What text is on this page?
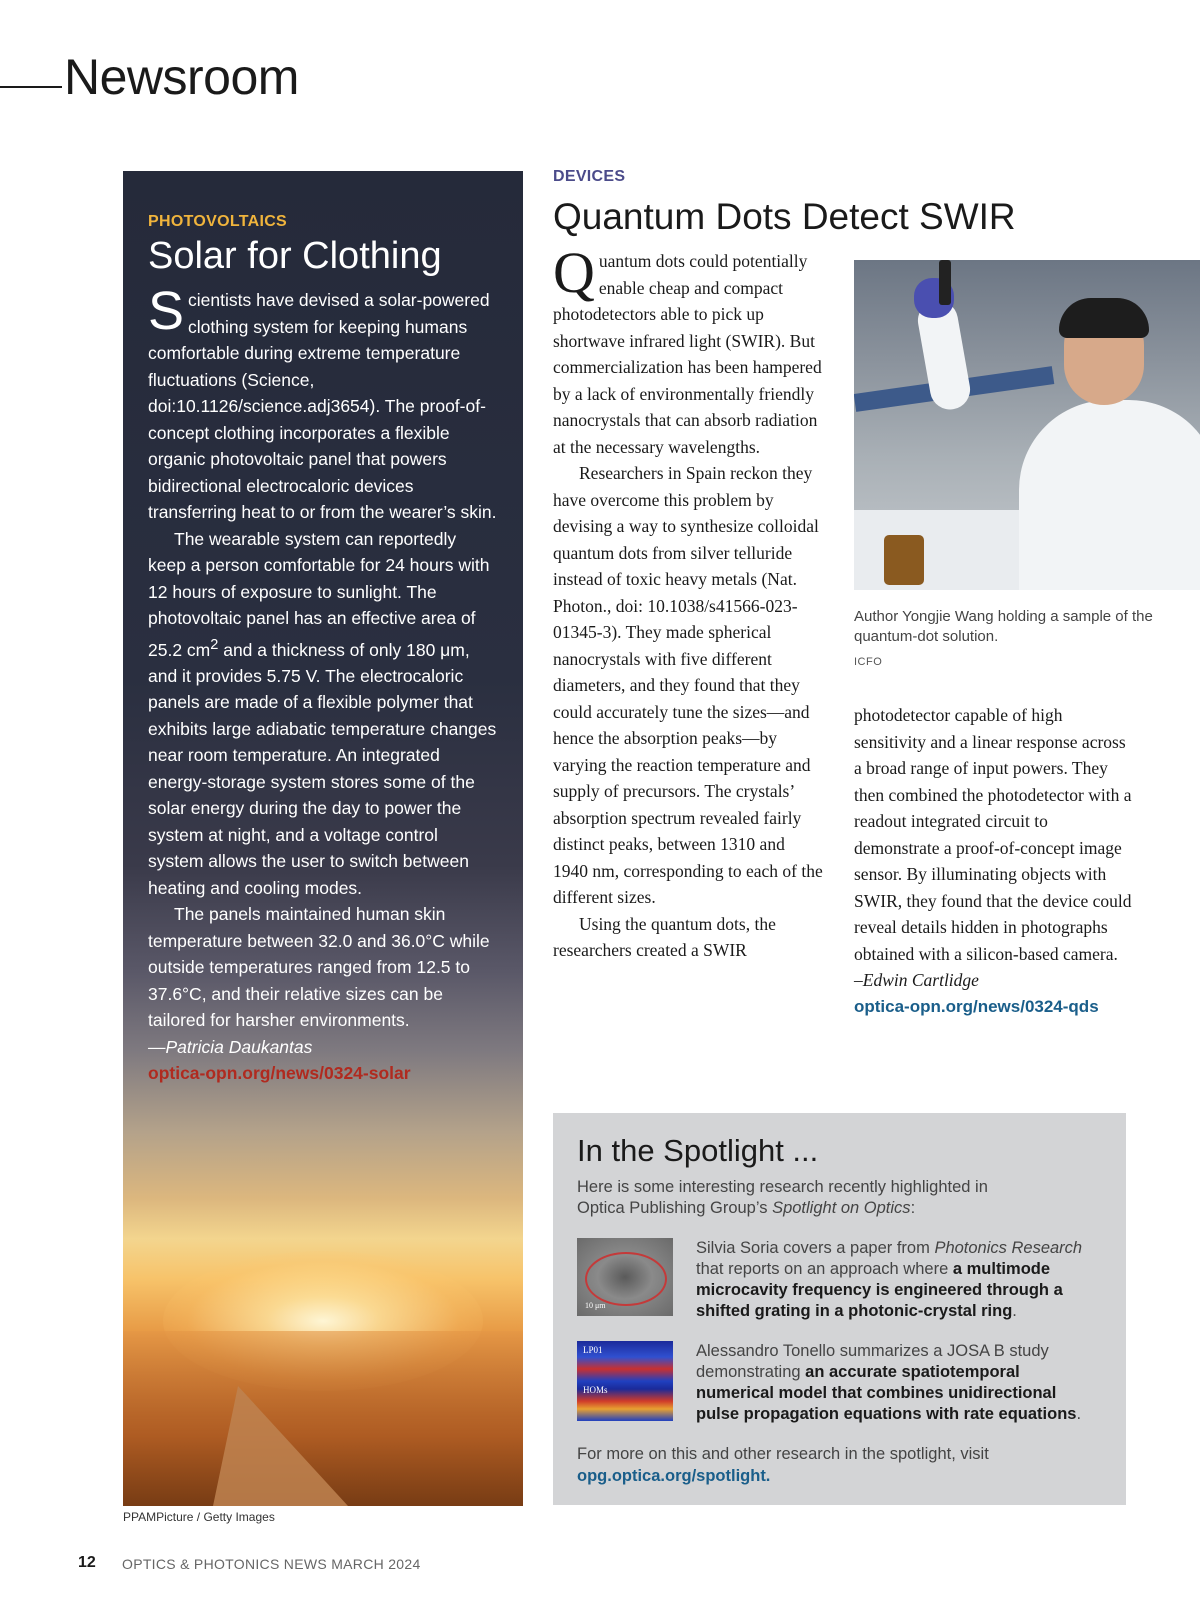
Newsroom
PHOTOVOLTAICS
Solar for Clothing

Scientists have devised a solar-powered clothing system for keeping humans comfortable during extreme temperature fluctuations (Science, doi:10.1126/science.adj3654). The proof-of-concept clothing incorporates a flexible organic photovoltaic panel that powers bidirectional electrocaloric devices transferring heat to or from the wearer’s skin.

The wearable system can reportedly keep a person comfortable for 24 hours with 12 hours of exposure to sunlight. The photovoltaic panel has an effective area of 25.2 $cm^2$ and a thickness of only 180 μm, and it provides 5.75 V. The electrocaloric panels are made of a flexible polymer that exhibits large adiabatic temperature changes near room temperature. An integrated energy-storage system stores some of the solar energy during the day to power the system at night, and a voltage control system allows the user to switch between heating and cooling modes.

The panels maintained human skin temperature between 32.0 and 36.0°C while outside temperatures ranged from 12.5 to 37.6°C, and their relative sizes can be tailored for harsher environments.

—Patricia Daukantas
optica-opn.org/news/0324-solar
PPAMPicture / Getty Images
DEVICES
Quantum Dots Detect SWIR

Quantum dots could potentially enable cheap and compact photodetectors able to pick up shortwave infrared light (SWIR). But commercialization has been hampered by a lack of environmentally friendly nanocrystals that can absorb radiation at the necessary wavelengths.

Researchers in Spain reckon they have overcome this problem by devising a way to synthesize colloidal quantum dots from silver telluride instead of toxic heavy metals (Nat. Photon., doi: 10.1038/s41566-023-01345-3). They made spherical nanocrystals with five different diameters, and they found that they could accurately tune the sizes—and hence the absorption peaks—by varying the reaction temperature and supply of precursors. The crystals’ absorption spectrum revealed fairly distinct peaks, between 1310 and 1940 nm, corresponding to each of the different sizes.

Using the quantum dots, the researchers created a SWIR

Author Yongjie Wang holding a sample of the quantum-dot solution.
ICFO

photodetector capable of high sensitivity and a linear response across a broad range of input powers. They then combined the photodetector with a readout integrated circuit to demonstrate a proof-of-concept image sensor. By illuminating objects with SWIR, they found that the device could reveal details hidden in photographs obtained with a silicon-based camera.

–Edwin Cartlidge
optica-opn.org/news/0324-qds
In the Spotlight ...
Here is some interesting research recently highlighted in Optica Publishing Group’s Spotlight on Optics:
10 μm
Silvia Soria covers a paper from Photonics Research that reports on an approach where a multimode microcavity frequency is engineered through a shifted grating in a photonic-crystal ring.
LP01
HOMs
Alessandro Tonello summarizes a JOSA B study demonstrating an accurate spatiotemporal numerical model that combines unidirectional pulse propagation equations with rate equations.
For more on this and other research in the spotlight, visit
opg.optica.org/spotlight.
12 OPTICS & PHOTONICS NEWS MARCH 2024
